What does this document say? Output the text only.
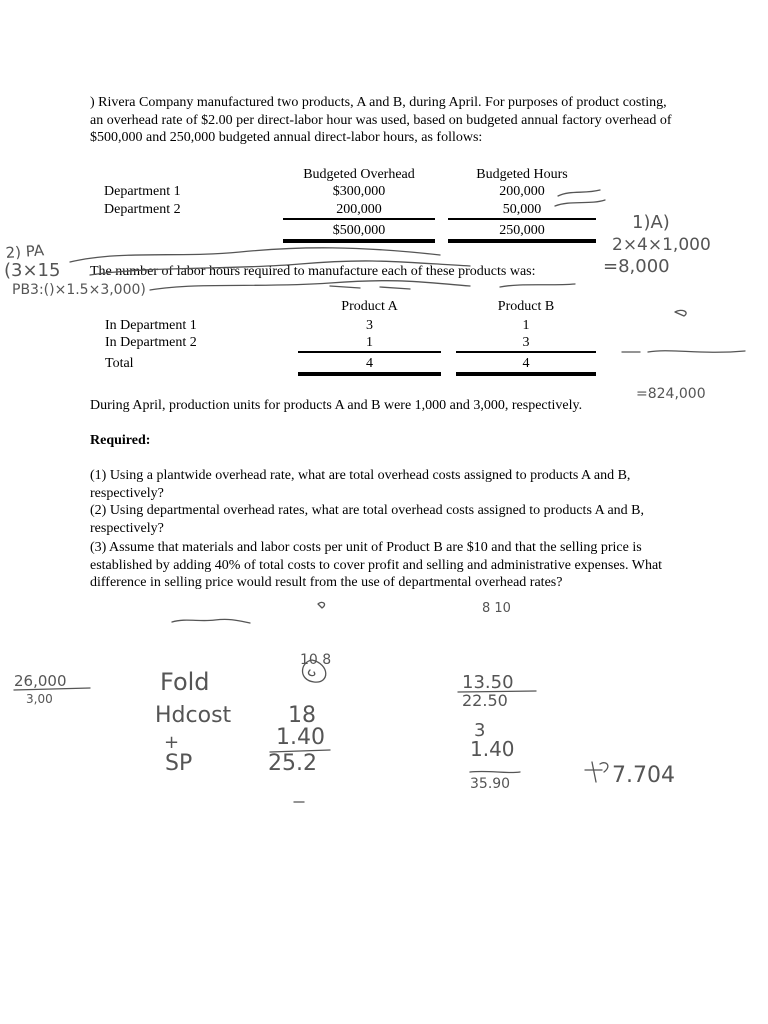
) Rivera Company manufactured two products, A and B, during April. For purposes of product costing, an overhead rate of $2.00 per direct-labor hour was used, based on budgeted annual factory overhead of $500,000 and 250,000 budgeted annual direct-labor hours, as follows:

Budgeted Overhead	Budgeted Hours
Department 1	$300,000	200,000
Department 2	200,000	50,000
$500,000	250,000
The number of labor hours required to manufacture each of these products was:
Product A	Product B
In Department 1	3	1
In Department 2	1	3
Total	4	4
During April, production units for products A and B were 1,000 and 3,000, respectively.
Required:

(1) Using a plantwide overhead rate, what are total overhead costs assigned to products A and B, respectively?

(2) Using departmental overhead rates, what are total overhead costs assigned to products A and B, respectively?

(3) Assume that materials and labor costs per unit of Product B are $10 and that the selling price is established by adding 40% of total costs to cover profit and selling and administrative expenses. What difference in selling price would result from the use of departmental overhead rates?

2) PA
(3×15
PB3:()×1.5×3,000)
1)A)
2×4×1,000
=8,000
=824,000
26,000
3,00
Fold
Hdcost
+
SP
10 8
18
1.40
25.2
8 10
13.50
22.50
3
1.40
35.90	7.704
